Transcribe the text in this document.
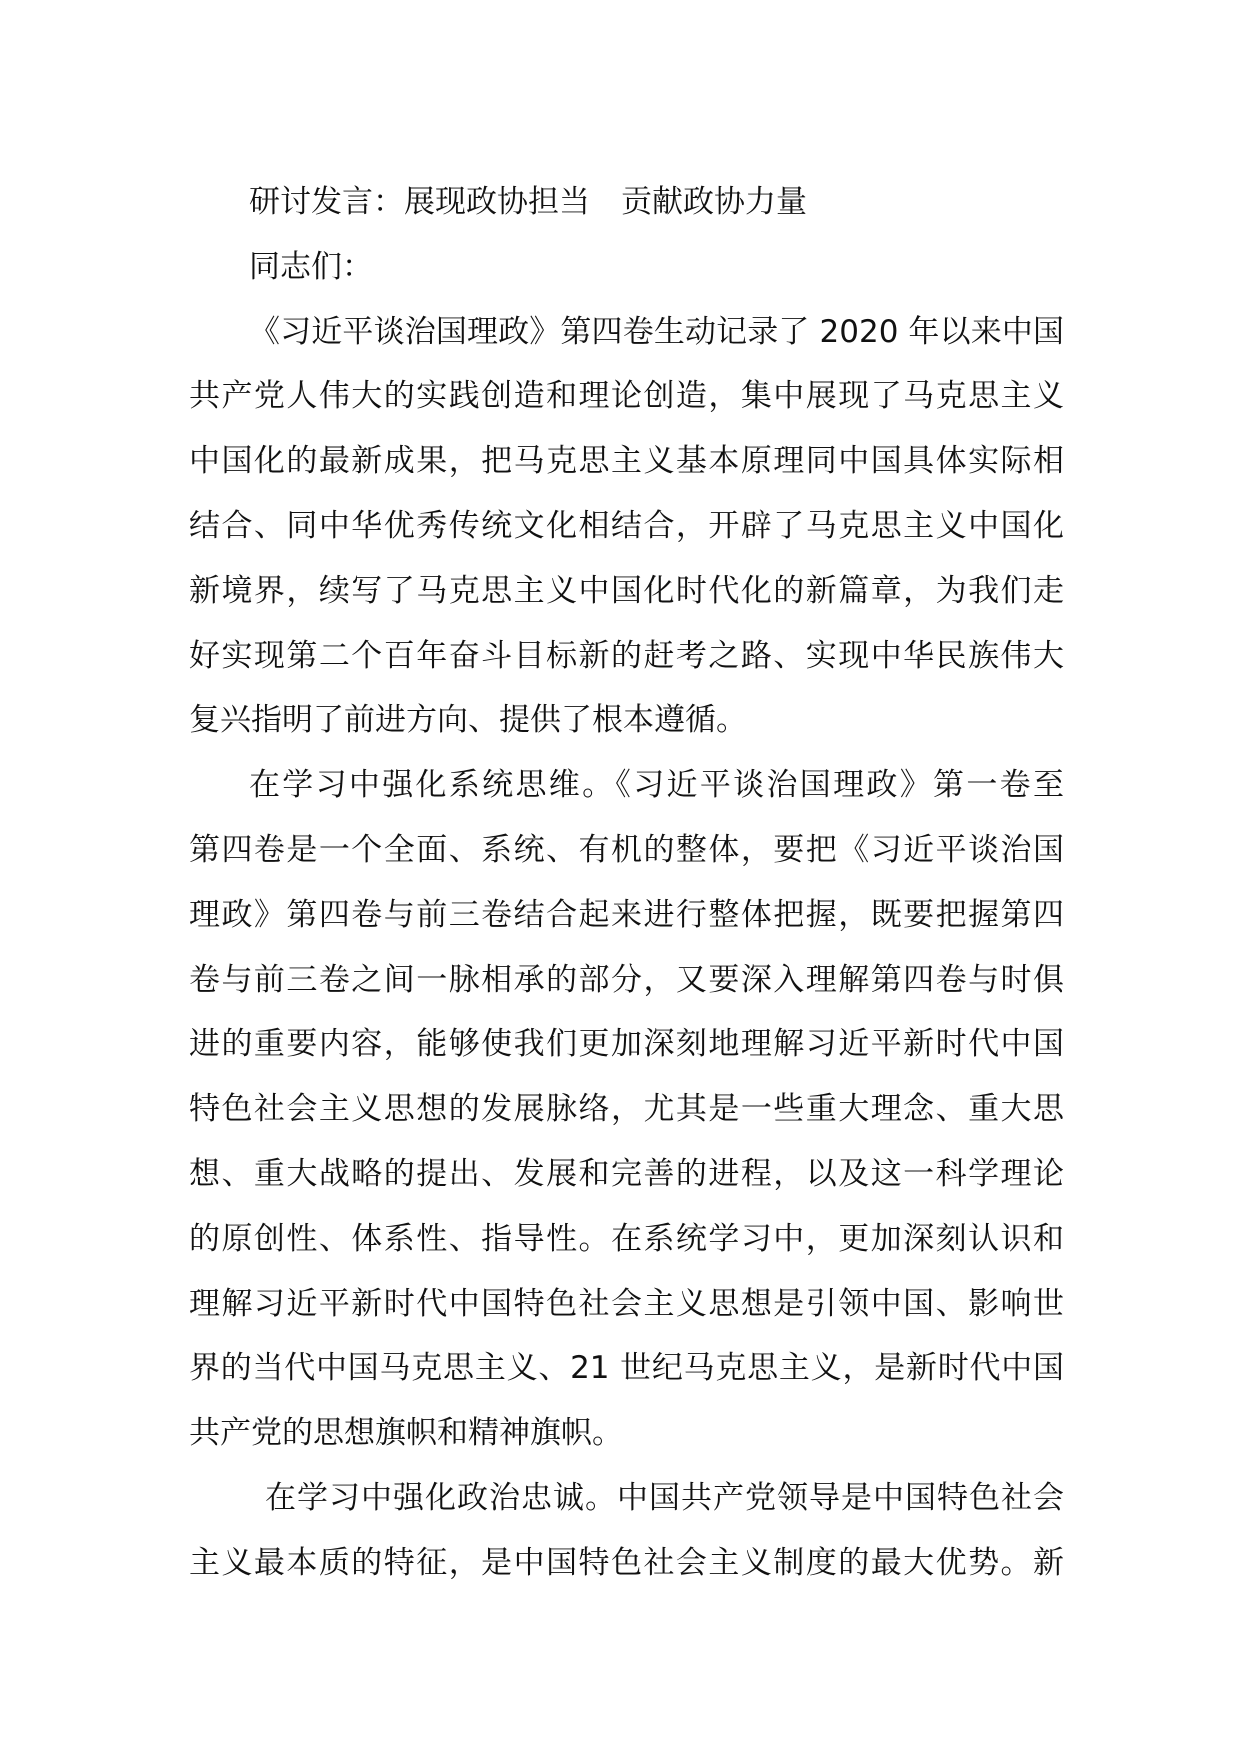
研讨发言：展现政协担当　贡献政协力量
同志们：
《习近平谈治国理政》第四卷生动记录了 2020 年以来中国
共产党人伟大的实践创造和理论创造，集中展现了马克思主义
中国化的最新成果，把马克思主义基本原理同中国具体实际相
结合、同中华优秀传统文化相结合，开辟了马克思主义中国化
新境界，续写了马克思主义中国化时代化的新篇章，为我们走
好实现第二个百年奋斗目标新的赶考之路、实现中华民族伟大
复兴指明了前进方向、提供了根本遵循。
在学习中强化系统思维。《习近平谈治国理政》第一卷至
第四卷是一个全面、系统、有机的整体，要把《习近平谈治国
理政》第四卷与前三卷结合起来进行整体把握，既要把握第四
卷与前三卷之间一脉相承的部分，又要深入理解第四卷与时俱
进的重要内容，能够使我们更加深刻地理解习近平新时代中国
特色社会主义思想的发展脉络，尤其是一些重大理念、重大思
想、重大战略的提出、发展和完善的进程，以及这一科学理论
的原创性、体系性、指导性。在系统学习中，更加深刻认识和
理解习近平新时代中国特色社会主义思想是引领中国、影响世
界的当代中国马克思主义、21 世纪马克思主义，是新时代中国
共产党的思想旗帜和精神旗帜。
在学习中强化政治忠诚。中国共产党领导是中国特色社会
主义最本质的特征，是中国特色社会主义制度的最大优势。新
